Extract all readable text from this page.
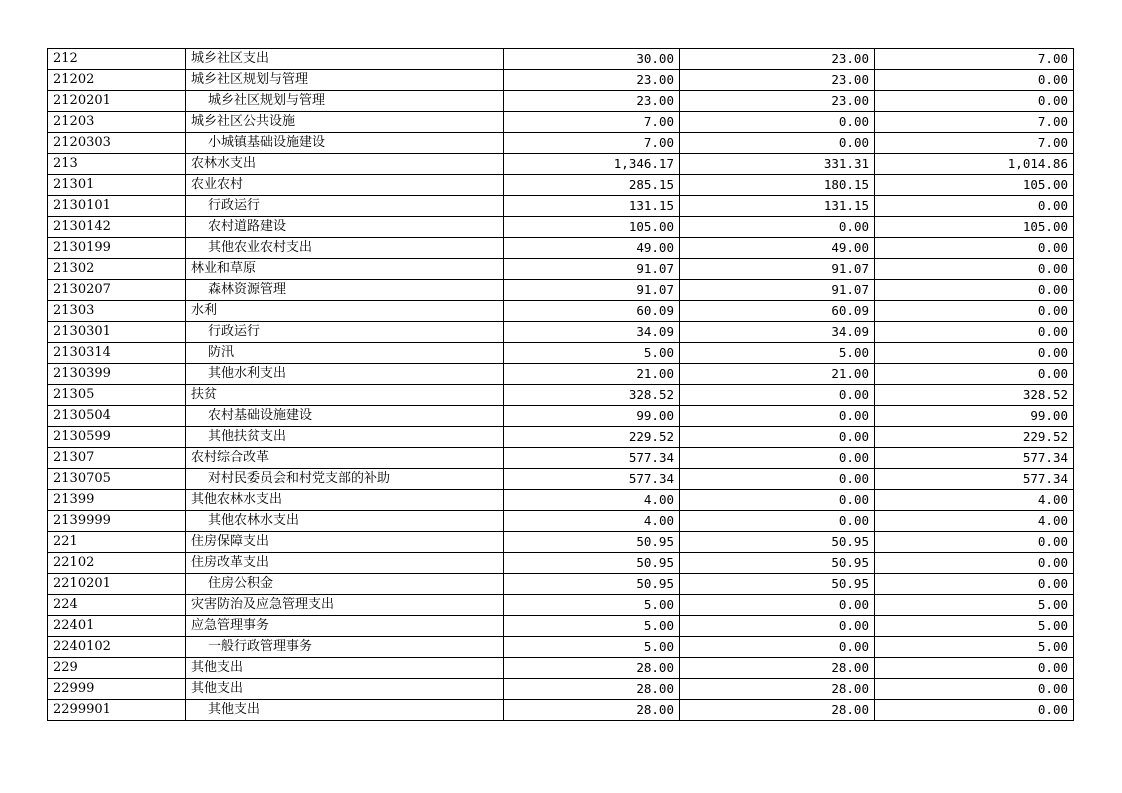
212	城乡社区支出	30.00	23.00	7.00
21202	城乡社区规划与管理	23.00	23.00	0.00
2120201	城乡社区规划与管理	23.00	23.00	0.00
21203	城乡社区公共设施	7.00	0.00	7.00
2120303	小城镇基础设施建设	7.00	0.00	7.00
213	农林水支出	1,346.17	331.31	1,014.86
21301	农业农村	285.15	180.15	105.00
2130101	行政运行	131.15	131.15	0.00
2130142	农村道路建设	105.00	0.00	105.00
2130199	其他农业农村支出	49.00	49.00	0.00
21302	林业和草原	91.07	91.07	0.00
2130207	森林资源管理	91.07	91.07	0.00
21303	水利	60.09	60.09	0.00
2130301	行政运行	34.09	34.09	0.00
2130314	防汛	5.00	5.00	0.00
2130399	其他水利支出	21.00	21.00	0.00
21305	扶贫	328.52	0.00	328.52
2130504	农村基础设施建设	99.00	0.00	99.00
2130599	其他扶贫支出	229.52	0.00	229.52
21307	农村综合改革	577.34	0.00	577.34
2130705	对村民委员会和村党支部的补助	577.34	0.00	577.34
21399	其他农林水支出	4.00	0.00	4.00
2139999	其他农林水支出	4.00	0.00	4.00
221	住房保障支出	50.95	50.95	0.00
22102	住房改革支出	50.95	50.95	0.00
2210201	住房公积金	50.95	50.95	0.00
224	灾害防治及应急管理支出	5.00	0.00	5.00
22401	应急管理事务	5.00	0.00	5.00
2240102	一般行政管理事务	5.00	0.00	5.00
229	其他支出	28.00	28.00	0.00
22999	其他支出	28.00	28.00	0.00
2299901	其他支出	28.00	28.00	0.00
